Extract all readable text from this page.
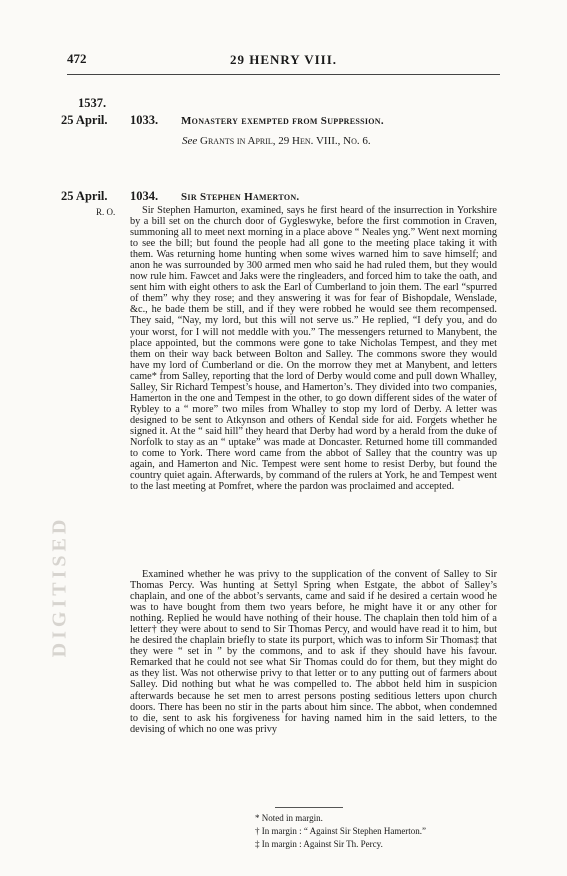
472	29 HENRY VIII.
1537.
25 April. 1033. Monastery exempted from Suppression.
See Grants in April, 29 Hen. VIII., No. 6.
25 April.
R. O.
1034. Sir Stephen Hamerton.

Sir Stephen Hamurton, examined, says he first heard of the insurrection in Yorkshire by a bill set on the church door of Gygleswyke, before the first commotion in Craven, summoning all to meet next morning in a place above “ Neales yng.” Went next morning to see the bill; but found the people had all gone to the meeting place taking it with them. Was returning home hunting when some wives warned him to save himself; and anon he was surrounded by 300 armed men who said he had ruled them, but they would now rule him. Fawcet and Jaks were the ringleaders, and forced him to take the oath, and sent him with eight others to ask the Earl of Cumberland to join them. The earl “spurred of them” why they rose; and they answering it was for fear of Bishopdale, Wenslade, &c., he bade them be still, and if they were robbed he would see them recompensed. They said, “Nay, my lord, but this will not serve us.” He replied, “I defy you, and do your worst, for I will not meddle with you.” The messengers returned to Manybent, the place appointed, but the commons were gone to take Nicholas Tempest, and they met them on their way back between Bolton and Salley. The commons swore they would have my lord of Cumberland or die. On the morrow they met at Manybent, and letters came* from Salley, reporting that the lord of Derby would come and pull down Whalley, Salley, Sir Richard Tempest’s house, and Hamerton’s. They divided into two companies, Hamerton in the one and Tempest in the other, to go down different sides of the water of Rybley to a “ more” two miles from Whalley to stop my lord of Derby. A letter was designed to be sent to Atkynson and others of Kendal side for aid. Forgets whether he signed it. At the “ said hill” they heard that Derby had word by a herald from the duke of Norfolk to stay as an “ uptake” was made at Doncaster. Returned home till commanded to come to York. There word came from the abbot of Salley that the country was up again, and Hamerton and Nic. Tempest were sent home to resist Derby, but found the country quiet again. Afterwards, by command of the rulers at York, he and Tempest went to the last meeting at Pomfret, where the pardon was proclaimed and accepted.

Examined whether he was privy to the supplication of the convent of Salley to Sir Thomas Percy. Was hunting at Settyl Spring when Estgate, the abbot of Salley’s chaplain, and one of the abbot’s servants, came and said if he desired a certain wood he was to have bought from them two years before, he might have it or any other for nothing. Replied he would have nothing of their house. The chaplain then told him of a letter† they were about to send to Sir Thomas Percy, and would have read it to him, but he desired the chaplain briefly to state its purport, which was to inform Sir Thomas‡ that they were “ set in ” by the commons, and to ask if they should have his favour. Remarked that he could not see what Sir Thomas could do for them, but they might do as they list. Was not otherwise privy to that letter or to any putting out of farmers about Salley. Did nothing but what he was compelled to. The abbot held him in suspicion afterwards because he set men to arrest persons posting seditious letters upon church doors. There has been no stir in the parts about him since. The abbot, when condemned to die, sent to ask his forgiveness for having named him in the said letters, to the devising of which no one was privy

* Noted in margin.
† In margin : “ Against Sir Stephen Hamerton.”
‡ In margin : Against Sir Th. Percy.
DIGITISED
